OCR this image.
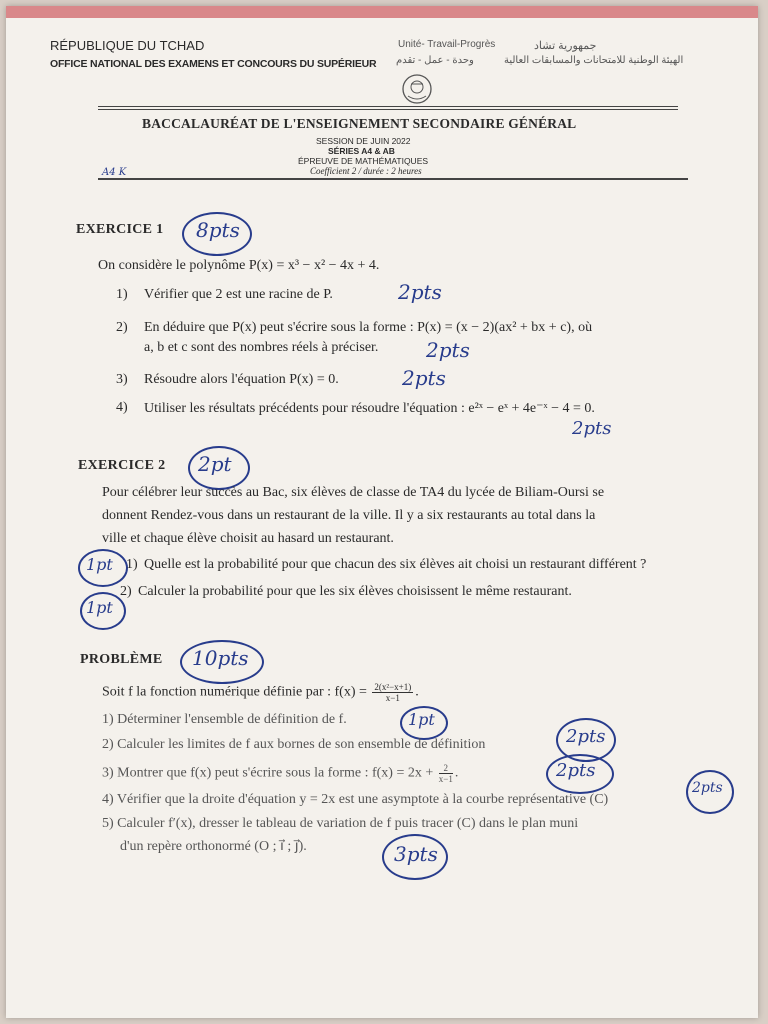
RÉPUBLIQUE DU TCHAD
OFFICE NATIONAL DES EXAMENS ET CONCOURS DU SUPÉRIEUR
Unité- Travail-Progrès
وحدة - عمل - تقدم
جمهورية تشاد
الهيئة الوطنية للامتحانات والمسابقات العالية
BACCALAURÉAT DE L'ENSEIGNEMENT SECONDAIRE GÉNÉRAL
SESSION DE JUIN 2022
SÉRIES A4 & AB
ÉPREUVE DE MATHÉMATIQUES
Coefficient 2 / durée : 2 heures
A4 K
EXERCICE 1 8pts
On considère le polynôme P(x) = x³ − x² − 4x + 4.
1) Vérifier que 2 est une racine de P.	2pts
2) En déduire que P(x) peut s'écrire sous la forme : P(x) = (x − 2)(ax² + bx + c), où
a, b et c sont des nombres réels à préciser. 2pts
3) Résoudre alors l'équation P(x) = 0.	2pts
4) Utiliser les résultats précédents pour résoudre l'équation : e²ˣ − eˣ + 4e⁻ˣ − 4 = 0.
2pts
EXERCICE 2 2pt
Pour célébrer leur succès au Bac, six élèves de classe de TA4 du lycée de Biliam-Oursi se
donnent Rendez-vous dans un restaurant de la ville. Il y a six restaurants au total dans la
ville et chaque élève choisit au hasard un restaurant.
1pt 1) Quelle est la probabilité pour que chacun des six élèves ait choisi un restaurant différent ?
1pt
2) Calculer la probabilité pour que les six élèves choisissent le même restaurant.
PROBLÈME 10pts
Soit f la fonction numérique définie par : $f(x) = \frac{\text{2(x²−x+1)}}{x-1}$ .
1) Déterminer l'ensemble de définition de f.	1pt
2) Calculer les limites de f aux bornes de son ensemble de définition	2pts
3) Montrer que f(x) peut s'écrire sous la forme : $f(x) = 2x + \frac{2}{x-1}$ .	2pts
4) Vérifier que la droite d'équation y = 2x est une asymptote à la courbe représentative (C)
2pts
5) Calculer f′(x), dresser le tableau de variation de f puis tracer (C) dans le plan muni
d'un repère orthonormé (O ; i⃗ ; j⃗).	3pts
